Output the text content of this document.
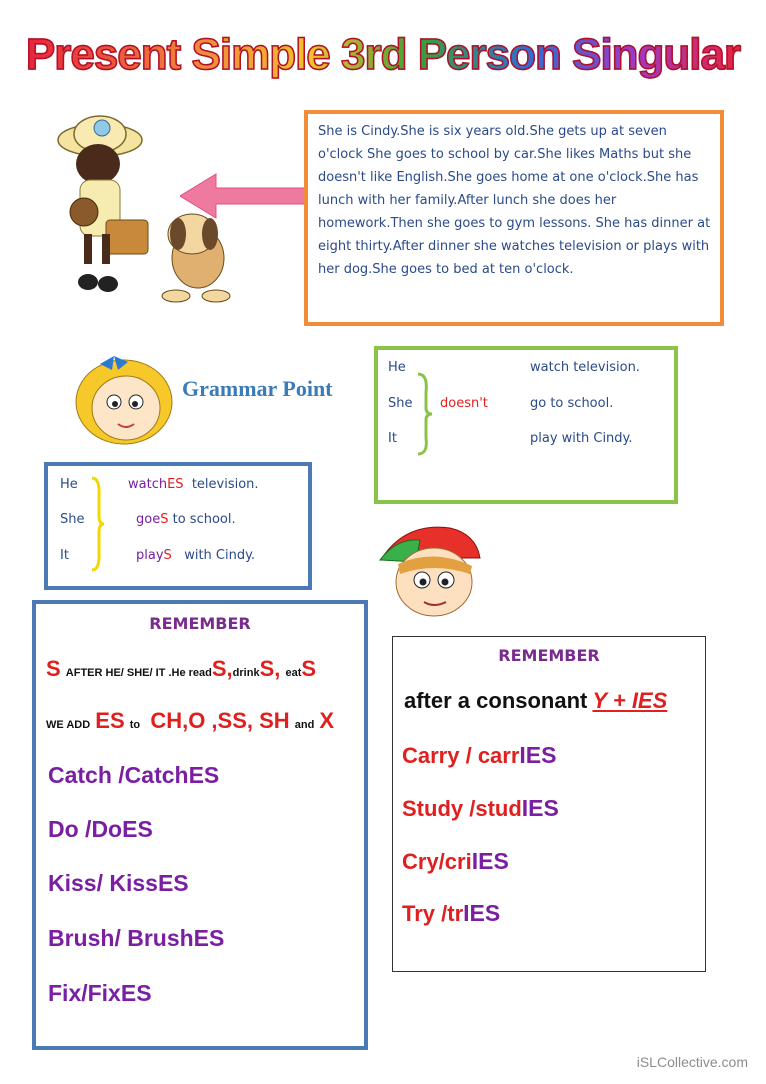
Present Simple 3rd Person Singular
She is Cindy.She is six years old.She gets up at seven o'clock She goes to school by car.She likes Maths but she doesn't like English.She goes home at one o'clock.She has lunch with her family.After lunch she does her homework.Then she goes to gym lessons. She has dinner at eight thirty.After dinner she watches television or plays with her dog.She goes to bed at ten o'clock.
Grammar Point
He
She
It
doesn't
watch television.
go to school.
play with Cindy.
He
She
It
watchES television.
goeS to school.
playS with Cindy.
REMEMBER
S AFTER HE/ SHE/ IT .He readS,drinkS, eatS
WE ADD ES to CH,O ,SS, SH and X
Catch /CatchES
Do /DoES
Kiss/ KissES
Brush/ BrushES
Fix/FixES
REMEMBER
after a consonant Y + IES
Carry / carrIES
Study /studIES
Cry/criIES
Try /trIES
iSLCollective.com
